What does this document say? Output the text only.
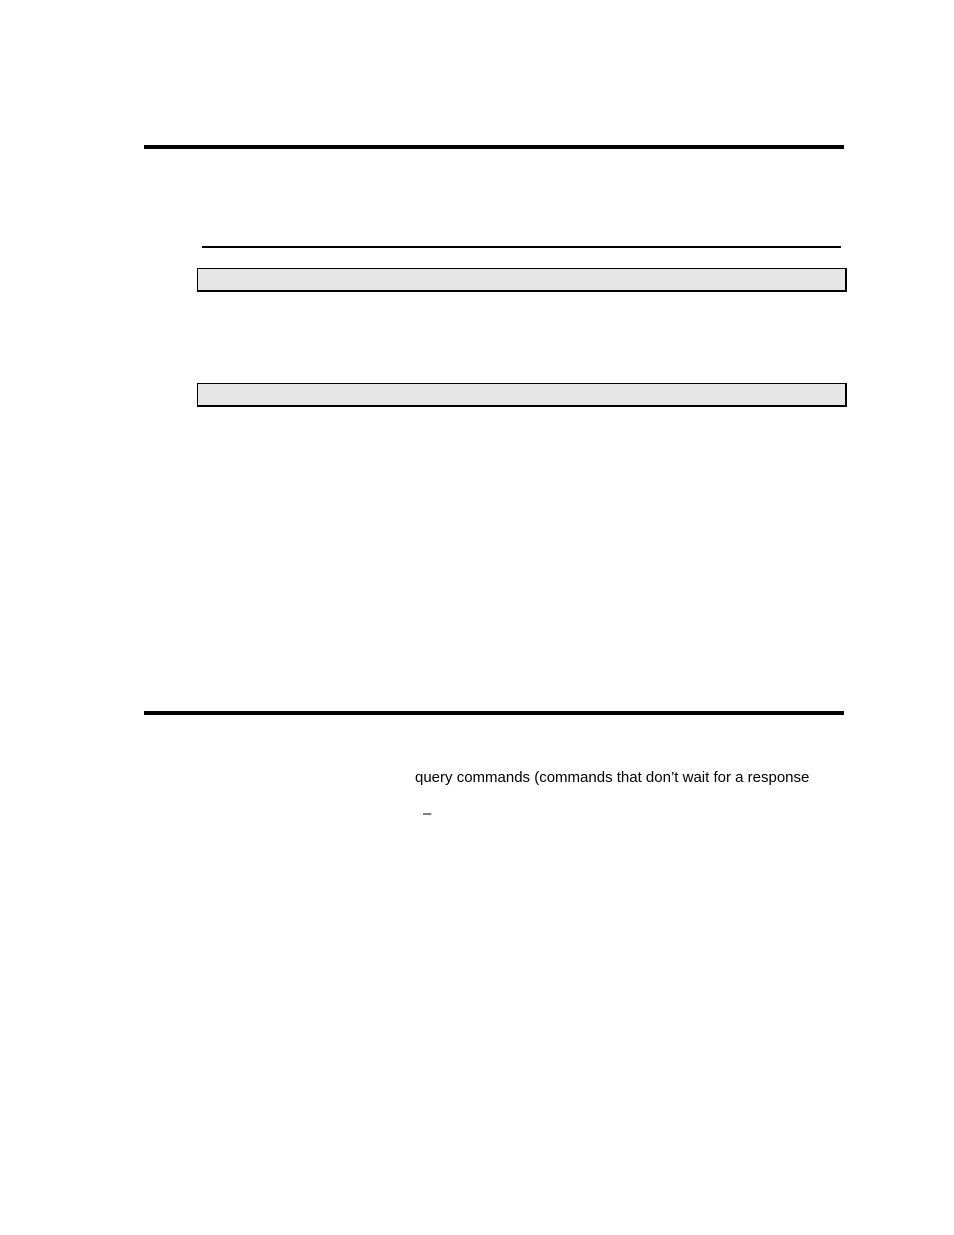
query commands (commands that don’t wait for a response
–
